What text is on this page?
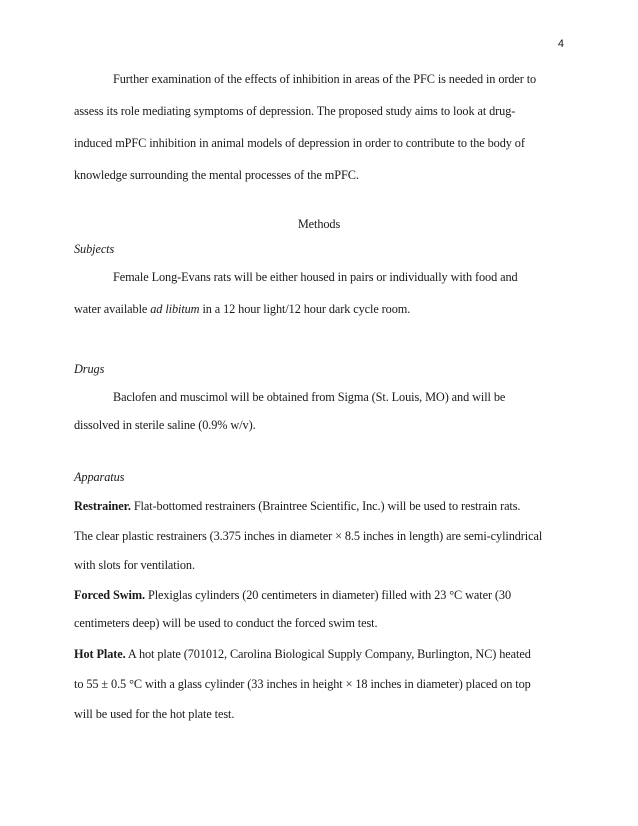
4
Further examination of the effects of inhibition in areas of the PFC is needed in order to
assess its role mediating symptoms of depression. The proposed study aims to look at drug-
induced mPFC inhibition in animal models of depression in order to contribute to the body of
knowledge surrounding the mental processes of the mPFC.
Methods
Subjects
Female Long-Evans rats will be either housed in pairs or individually with food and
water available ad libitum in a 12 hour light/12 hour dark cycle room.
Drugs
Baclofen and muscimol will be obtained from Sigma (St. Louis, MO) and will be
dissolved in sterile saline (0.9% w/v).
Apparatus
Restrainer. Flat-bottomed restrainers (Braintree Scientific, Inc.) will be used to restrain rats.
The clear plastic restrainers (3.375 inches in diameter × 8.5 inches in length) are semi-cylindrical
with slots for ventilation.
Forced Swim. Plexiglas cylinders (20 centimeters in diameter) filled with 23 °C water (30
centimeters deep) will be used to conduct the forced swim test.
Hot Plate. A hot plate (701012, Carolina Biological Supply Company, Burlington, NC) heated
to 55 ± 0.5 °C with a glass cylinder (33 inches in height × 18 inches in diameter) placed on top
will be used for the hot plate test.
